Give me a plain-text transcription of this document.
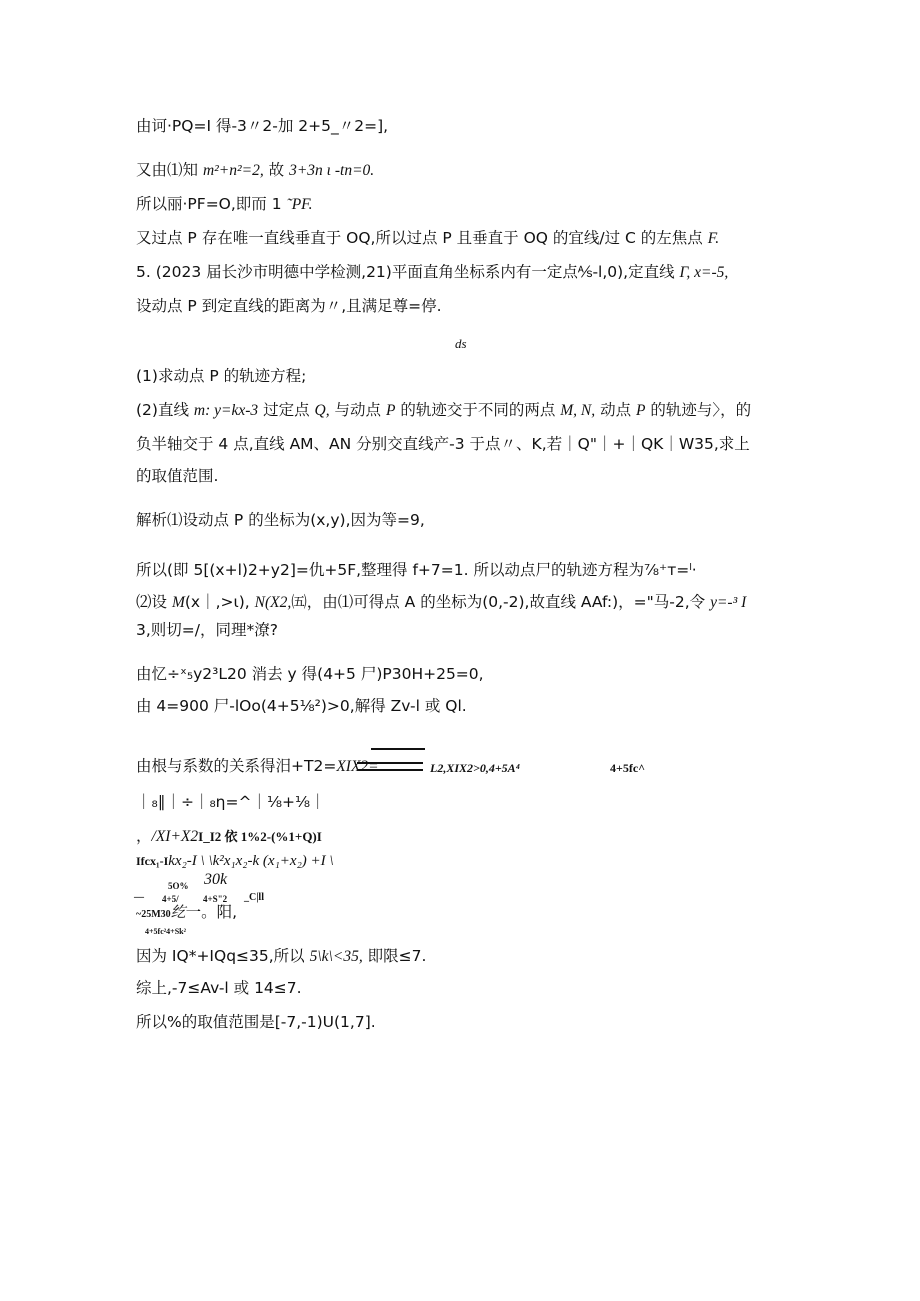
由诃·PQ=I 得-3〃2-加 2+5_〃2=],
又由⑴知 m²+n²=2, 故 3+3n ι -tn=0.
所以丽·PF=O,即而 1 ˜PF.
又过点 P 存在唯一直线垂直于 OQ,所以过点 P 且垂直于 OQ 的宜线/过 C 的左焦点 F.
5. (2023 届长沙市明德中学检测,21)平面直角坐标系内有一定点⅍-l,0),定直线 Γ, x=-5,
设动点 P 到定直线的距离为〃,且满足尊=停.
ds
(1)求动点 P 的轨迹方程;
(2)直线 m: y=kx-3 过定点 Q, 与动点 P 的轨迹交于不同的两点 M, N, 动点 P 的轨迹与〉，的
负半轴交于 4 点,直线 AM、AN 分别交直线产-3 于点〃、K,若｜Q"｜+｜QK｜W35,求上
的取值范围.
解析⑴设动点 P 的坐标为(x,y),因为等=9,
所以(即 5[(x+l)2+y2]=仇+5F,整理得 f+7=1. 所以动点尸的轨迹方程为⅞⁺т=ˡ·
⑵设 M(x｜,>ι), N(X2,㈤，由⑴可得点 A 的坐标为(0,-2),故直线 AAf:)，="马-2,令 y=-³ I
3,则切=/，同理*潦?
由忆÷ˣ₅y2³L20 消去 y 得(4+5 尸)P30H+25=0,
由 4=900 尸-lOo(4+5⅛²)>0,解得 Zv-l 或 Ql.
由根与系数的关系得汨+T2=XIX2=	L2,XIX2>0,4+5A⁴	4+5fc^
｜₈∥｜÷｜₈η=^｜⅛+⅛｜
，/XI+X2I_I2 依 1%2-(%1+Q)I
Ifcx₁-Ikx₂-I \ \k²x₁x₂-k (x₁+x₂) +I \
5O% 30k
— 4+5/	4+S"2 _C|ll
~25M30纥一。阳,
4+5fc²4+Sk²
因为 IQ*+IQq≤35,所以 5\k\<35, 即限≤7.
综上,-7≤Av-l 或 14≤7.
所以%的取值范围是[-7,-1)U(1,7].
